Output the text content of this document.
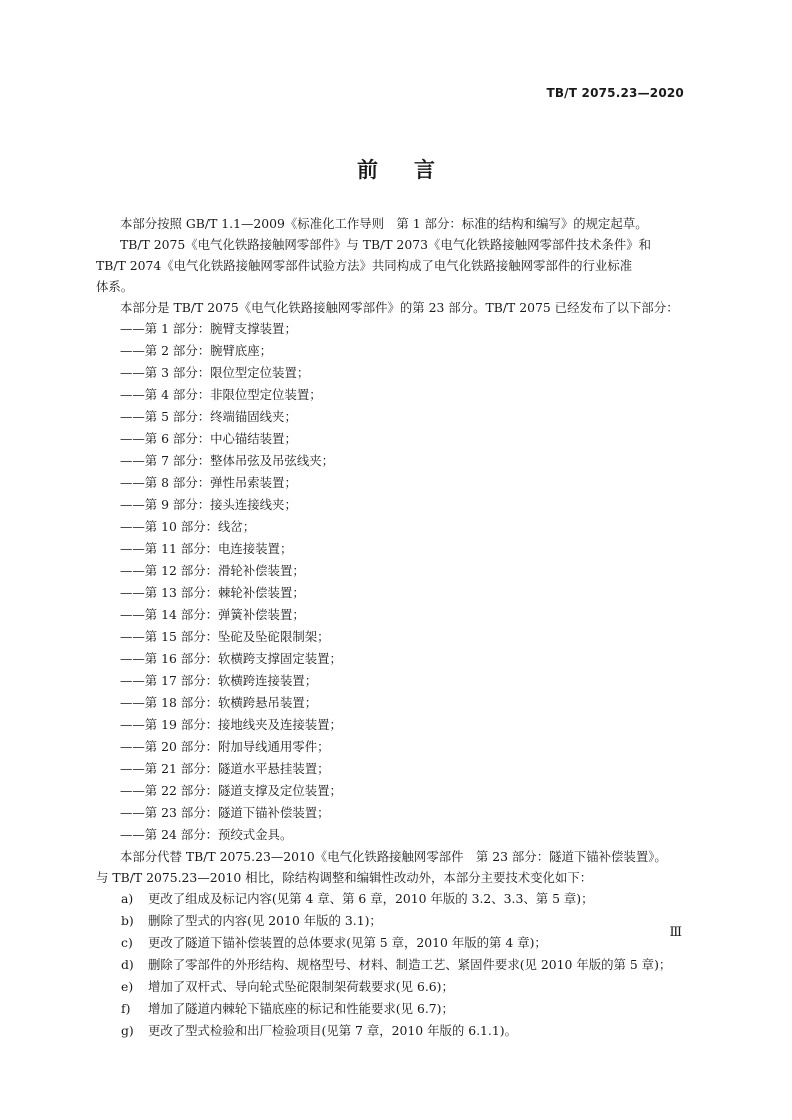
TB/T 2075.23—2020
前言
本部分按照 GB/T 1.1—2009《标准化工作导则　第 1 部分：标准的结构和编写》的规定起草。
TB/T 2075《电气化铁路接触网零部件》与 TB/T 2073《电气化铁路接触网零部件技术条件》和
TB/T 2074《电气化铁路接触网零部件试验方法》共同构成了电气化铁路接触网零部件的行业标准
体系。
本部分是 TB/T 2075《电气化铁路接触网零部件》的第 23 部分。TB/T 2075 已经发布了以下部分：
——第 1 部分：腕臂支撑装置；
——第 2 部分：腕臂底座；
——第 3 部分：限位型定位装置；
——第 4 部分：非限位型定位装置；
——第 5 部分：终端锚固线夹；
——第 6 部分：中心锚结装置；
——第 7 部分：整体吊弦及吊弦线夹；
——第 8 部分：弹性吊索装置；
——第 9 部分：接头连接线夹；
——第 10 部分：线岔；
——第 11 部分：电连接装置；
——第 12 部分：滑轮补偿装置；
——第 13 部分：棘轮补偿装置；
——第 14 部分：弹簧补偿装置；
——第 15 部分：坠砣及坠砣限制架；
——第 16 部分：软横跨支撑固定装置；
——第 17 部分：软横跨连接装置；
——第 18 部分：软横跨悬吊装置；
——第 19 部分：接地线夹及连接装置；
——第 20 部分：附加导线通用零件；
——第 21 部分：隧道水平悬挂装置；
——第 22 部分：隧道支撑及定位装置；
——第 23 部分：隧道下锚补偿装置；
——第 24 部分：预绞式金具。
本部分代替 TB/T 2075.23—2010《电气化铁路接触网零部件　第 23 部分：隧道下锚补偿装置》。
与 TB/T 2075.23—2010 相比，除结构调整和编辑性改动外，本部分主要技术变化如下：
a) 更改了组成及标记内容(见第 4 章、第 6 章，2010 年版的 3.2、3.3、第 5 章)；
b) 删除了型式的内容(见 2010 年版的 3.1)；
c) 更改了隧道下锚补偿装置的总体要求(见第 5 章，2010 年版的第 4 章)；
d) 删除了零部件的外形结构、规格型号、材料、制造工艺、紧固件要求(见 2010 年版的第 5 章)；
e) 增加了双杆式、导向轮式坠砣限制架荷载要求(见 6.6)；
f) 增加了隧道内棘轮下锚底座的标记和性能要求(见 6.7)；
g) 更改了型式检验和出厂检验项目(见第 7 章，2010 年版的 6.1.1)。
Ⅲ
